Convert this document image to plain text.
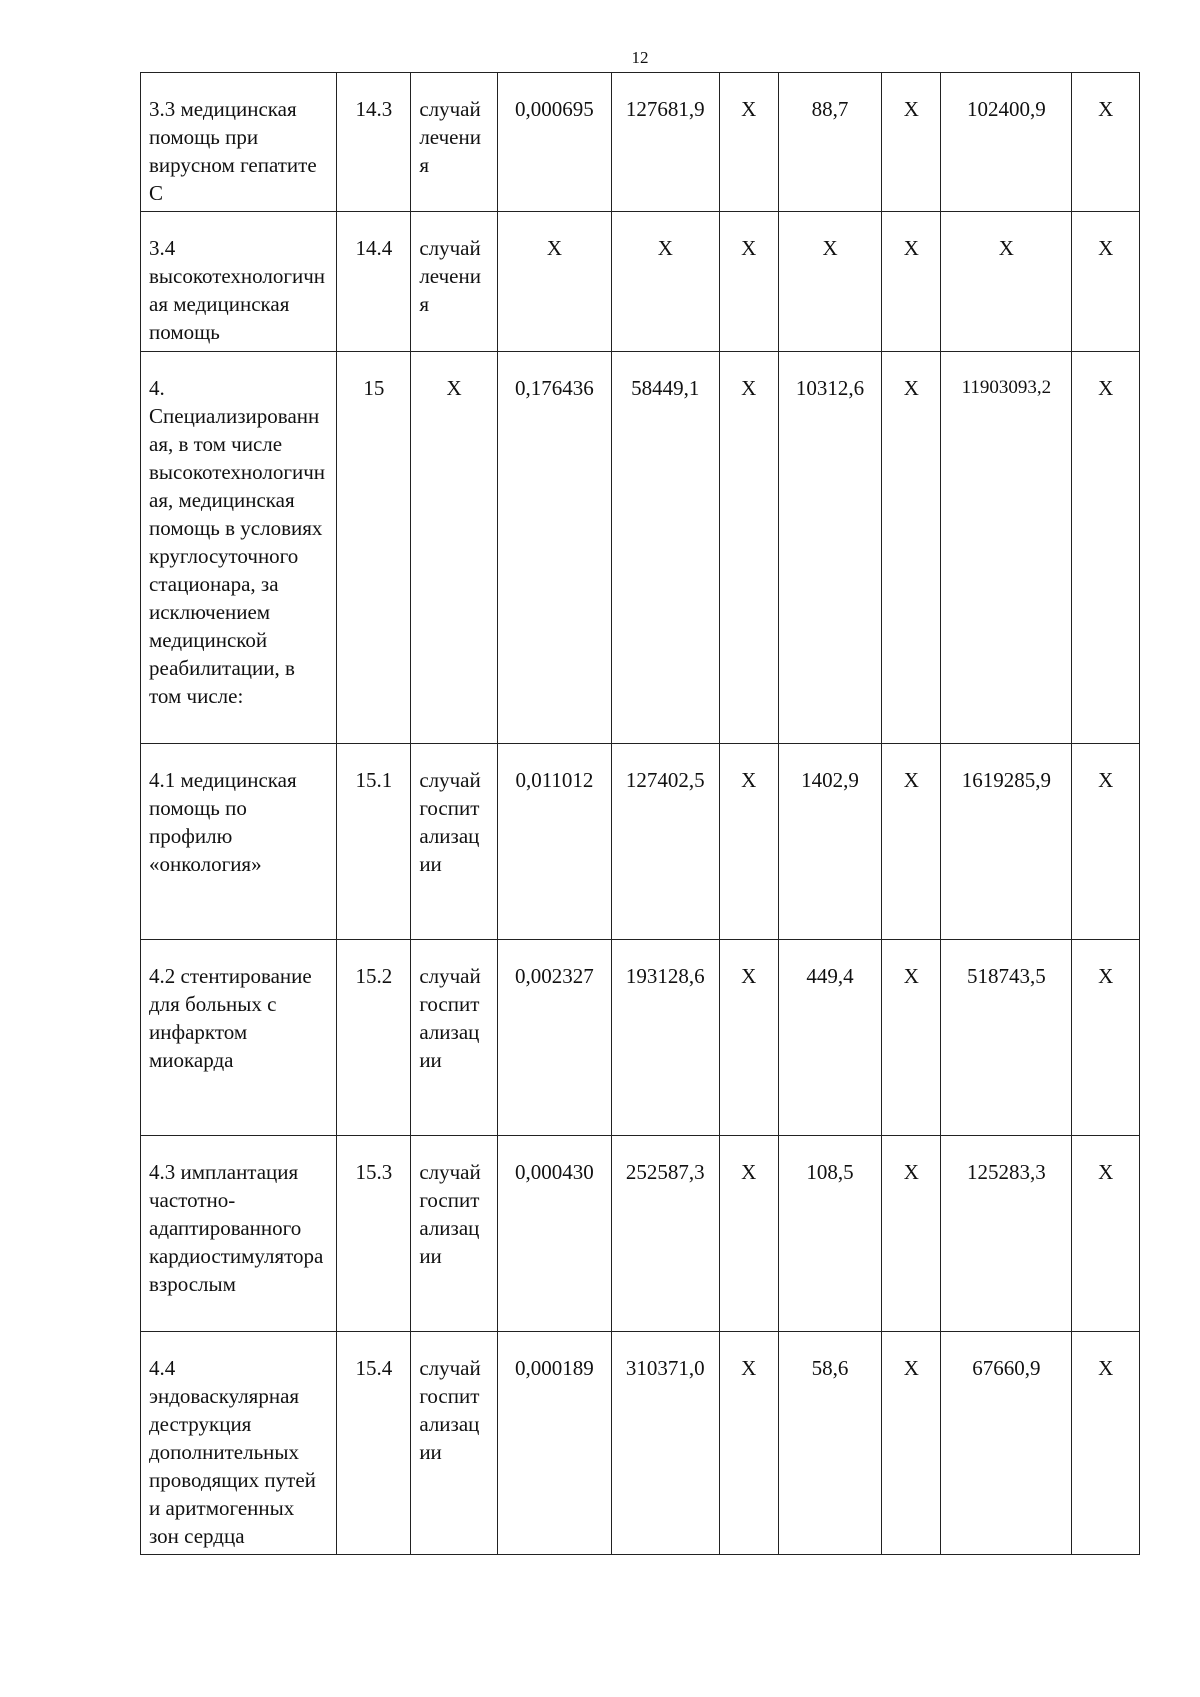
12
3.3 медицинская помощь при вирусном гепатите С	14.3	случай лечения	0,000695	127681,9	Х	88,7	Х	102400,9	Х
3.4 высокотехнологичная медицинская помощь	14.4	случай лечения	Х	Х	Х	Х	Х	Х	Х
4. Специализированная, в том числе высокотехнологичная, медицинская помощь в условиях круглосуточного стационара, за исключением медицинской реабилитации, в том числе:	15	Х	0,176436	58449,1	Х	10312,6	Х	11903093,2	Х
4.1 медицинская помощь по профилю «онкология»	15.1	случай госпитализации	0,011012	127402,5	Х	1402,9	Х	1619285,9	Х
4.2 стентирование для больных с инфарктом миокарда	15.2	случай госпитализации	0,002327	193128,6	Х	449,4	Х	518743,5	Х
4.3 имплантация частотно-адаптированного кардиостимулятора взрослым	15.3	случай госпитализации	0,000430	252587,3	Х	108,5	Х	125283,3	Х
4.4 эндоваскулярная деструкция дополнительных проводящих путей и аритмогенных зон сердца	15.4	случай госпитализации	0,000189	310371,0	Х	58,6	Х	67660,9	Х
